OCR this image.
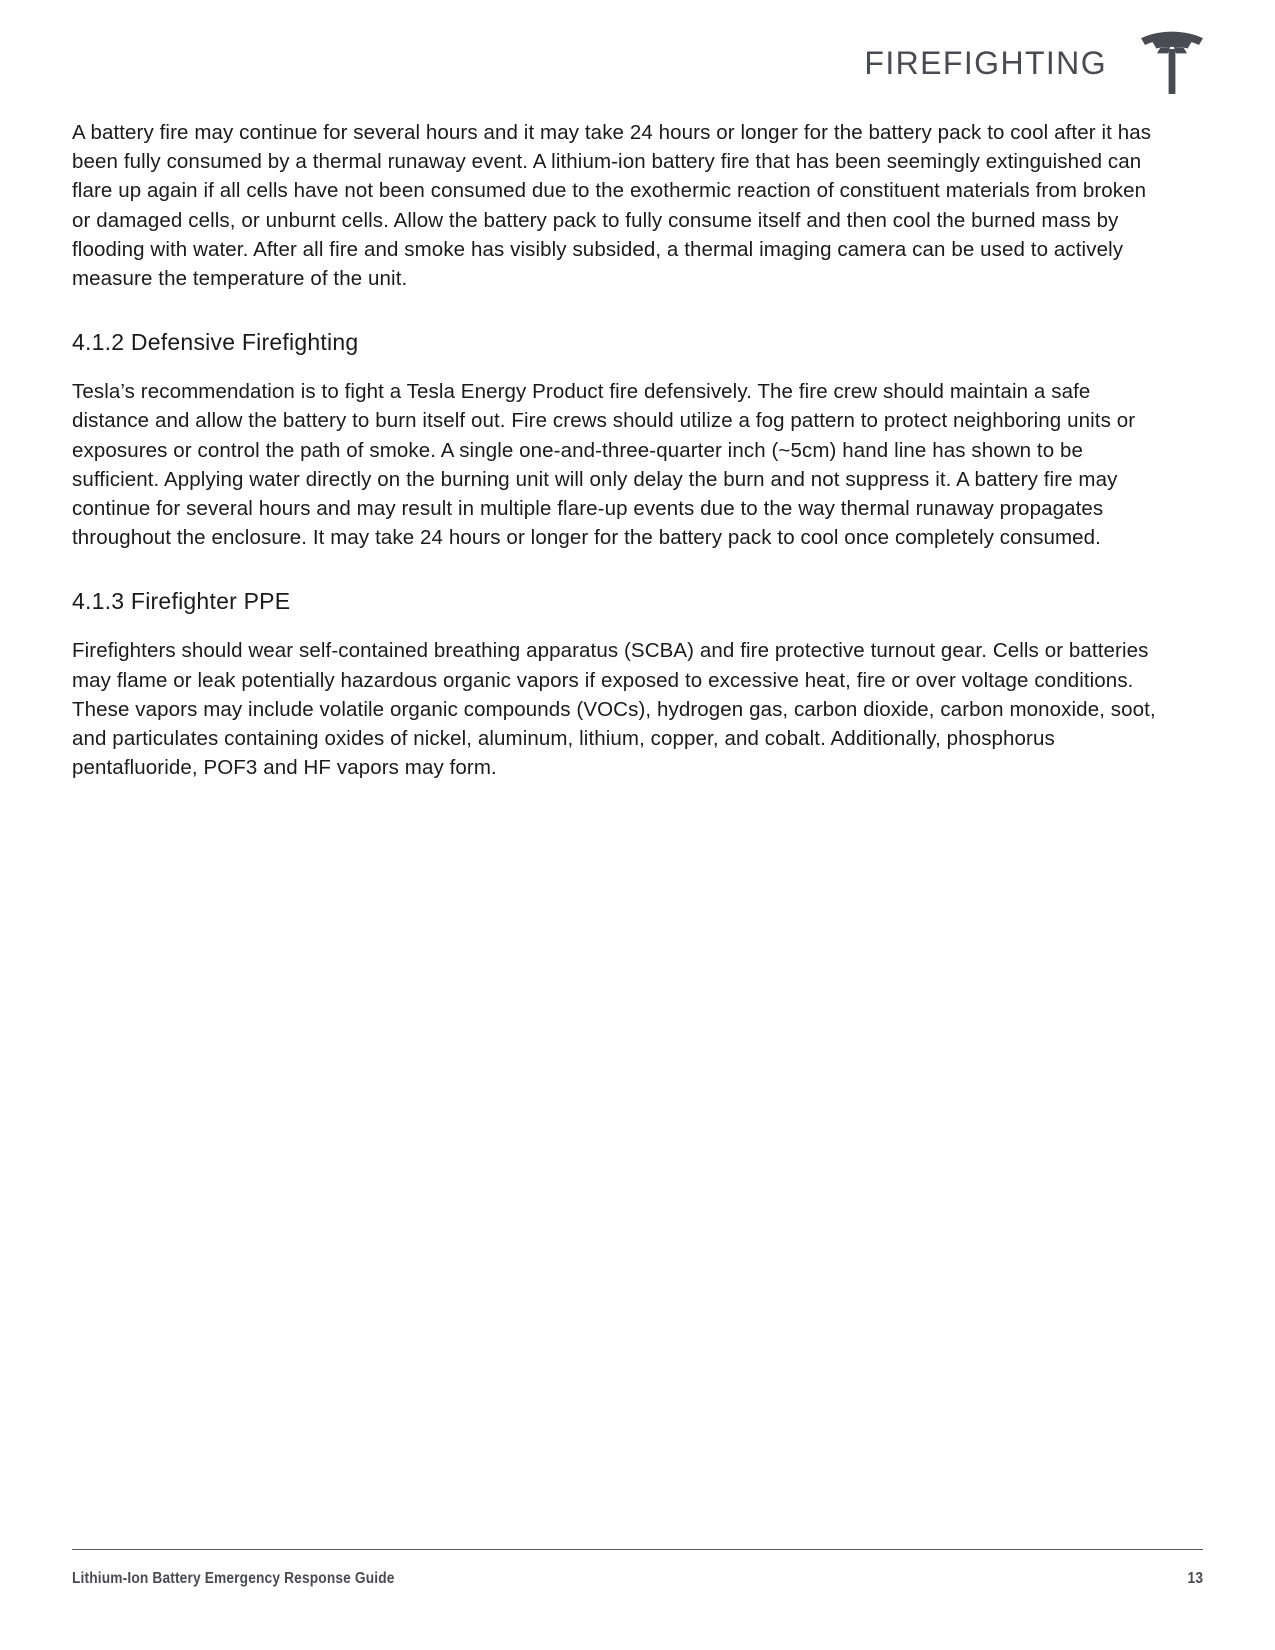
FIREFIGHTING

A battery fire may continue for several hours and it may take 24 hours or longer for the battery pack to cool after it has been fully consumed by a thermal runaway event. A lithium-ion battery fire that has been seemingly extinguished can flare up again if all cells have not been consumed due to the exothermic reaction of constituent materials from broken or damaged cells, or unburnt cells. Allow the battery pack to fully consume itself and then cool the burned mass by flooding with water. After all fire and smoke has visibly subsided, a thermal imaging camera can be used to actively measure the temperature of the unit.

4.1.2 Defensive Firefighting

Tesla’s recommendation is to fight a Tesla Energy Product fire defensively. The fire crew should maintain a safe distance and allow the battery to burn itself out. Fire crews should utilize a fog pattern to protect neighboring units or exposures or control the path of smoke. A single one-and-three-quarter inch (~5cm) hand line has shown to be sufficient. Applying water directly on the burning unit will only delay the burn and not suppress it. A battery fire may continue for several hours and may result in multiple flare-up events due to the way thermal runaway propagates throughout the enclosure. It may take 24 hours or longer for the battery pack to cool once completely consumed.

4.1.3 Firefighter PPE

Firefighters should wear self-contained breathing apparatus (SCBA) and fire protective turnout gear. Cells or batteries may flame or leak potentially hazardous organic vapors if exposed to excessive heat, fire or over voltage conditions. These vapors may include volatile organic compounds (VOCs), hydrogen gas, carbon dioxide, carbon monoxide, soot, and particulates containing oxides of nickel, aluminum, lithium, copper, and cobalt. Additionally, phosphorus pentafluoride, POF3 and HF vapors may form.

Lithium-Ion Battery Emergency Response Guide	13
